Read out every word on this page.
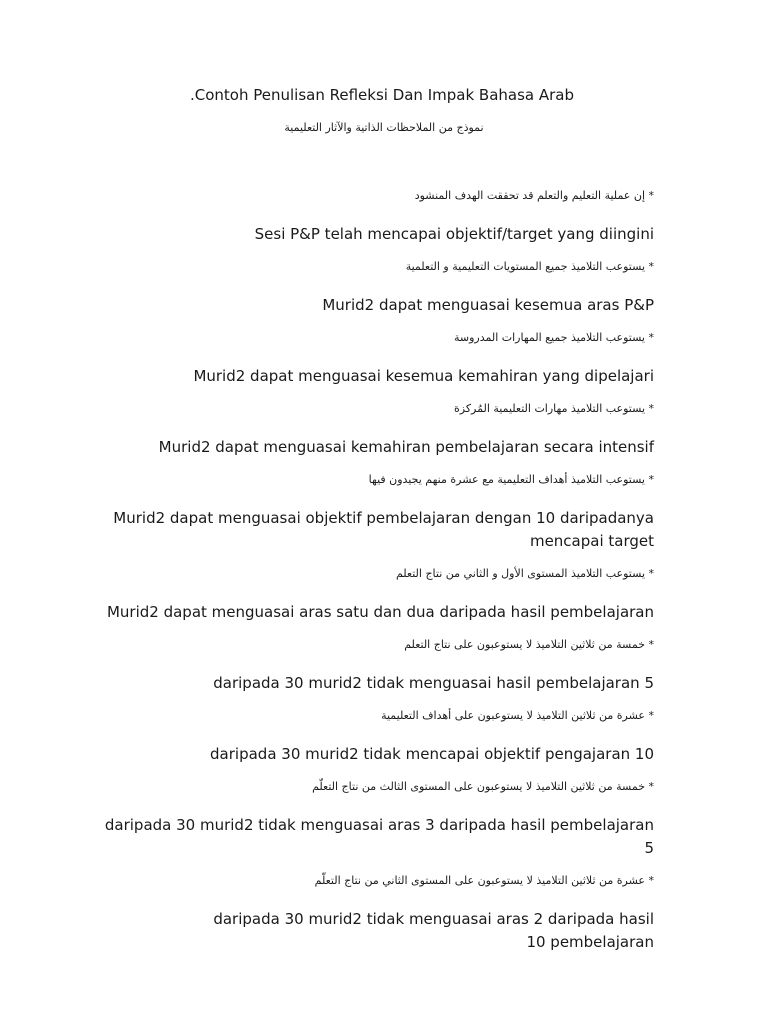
.Contoh Penulisan Refleksi Dan Impak Bahasa Arab
نموذج من الملاحظات الذاتية والآثار التعليمية

* إن عملية التعليم والتعلم قد تحققت الهدف المنشود

Sesi P&P telah mencapai objektif/target yang diingini

* يستوعب التلاميذ جميع المستويات التعليمية و التعلمية

Murid2 dapat menguasai kesemua aras P&P

* يستوعب التلاميذ جميع المهارات المدروسة

Murid2 dapat menguasai kesemua kemahiran yang dipelajari

* يستوعب التلاميذ مهارات التعليمية المُركزة

Murid2 dapat menguasai kemahiran pembelajaran secara intensif

* يستوعب التلاميذ أهداف التعليمية مع عشرة منهم يجيدون فيها

Murid2 dapat menguasai objektif pembelajaran dengan 10 daripadanya mencapai target

* يستوعب التلاميذ المستوى الأول و الثاني من نتاج التعلم

Murid2 dapat menguasai aras satu dan dua daripada hasil pembelajaran

* خمسة من ثلاثين التلاميذ لا يستوعبون على نتاج التعلم

daripada 30 murid2 tidak menguasai hasil pembelajaran 5

* عشرة من ثلاثين التلاميذ لا يستوعبون على أهداف التعليمية

daripada 30 murid2 tidak mencapai objektif pengajaran 10

* خمسة من ثلاثين التلاميذ لا يستوعبون على المستوى الثالث من نتاج التعلّم

daripada 30 murid2 tidak menguasai aras 3 daripada hasil pembelajaran 5

* عشرة من ثلاثين التلاميذ لا يستوعبون على المستوى الثاني من نتاج التعلّم

daripada 30 murid2 tidak menguasai aras 2 daripada hasil 10 pembelajaran
